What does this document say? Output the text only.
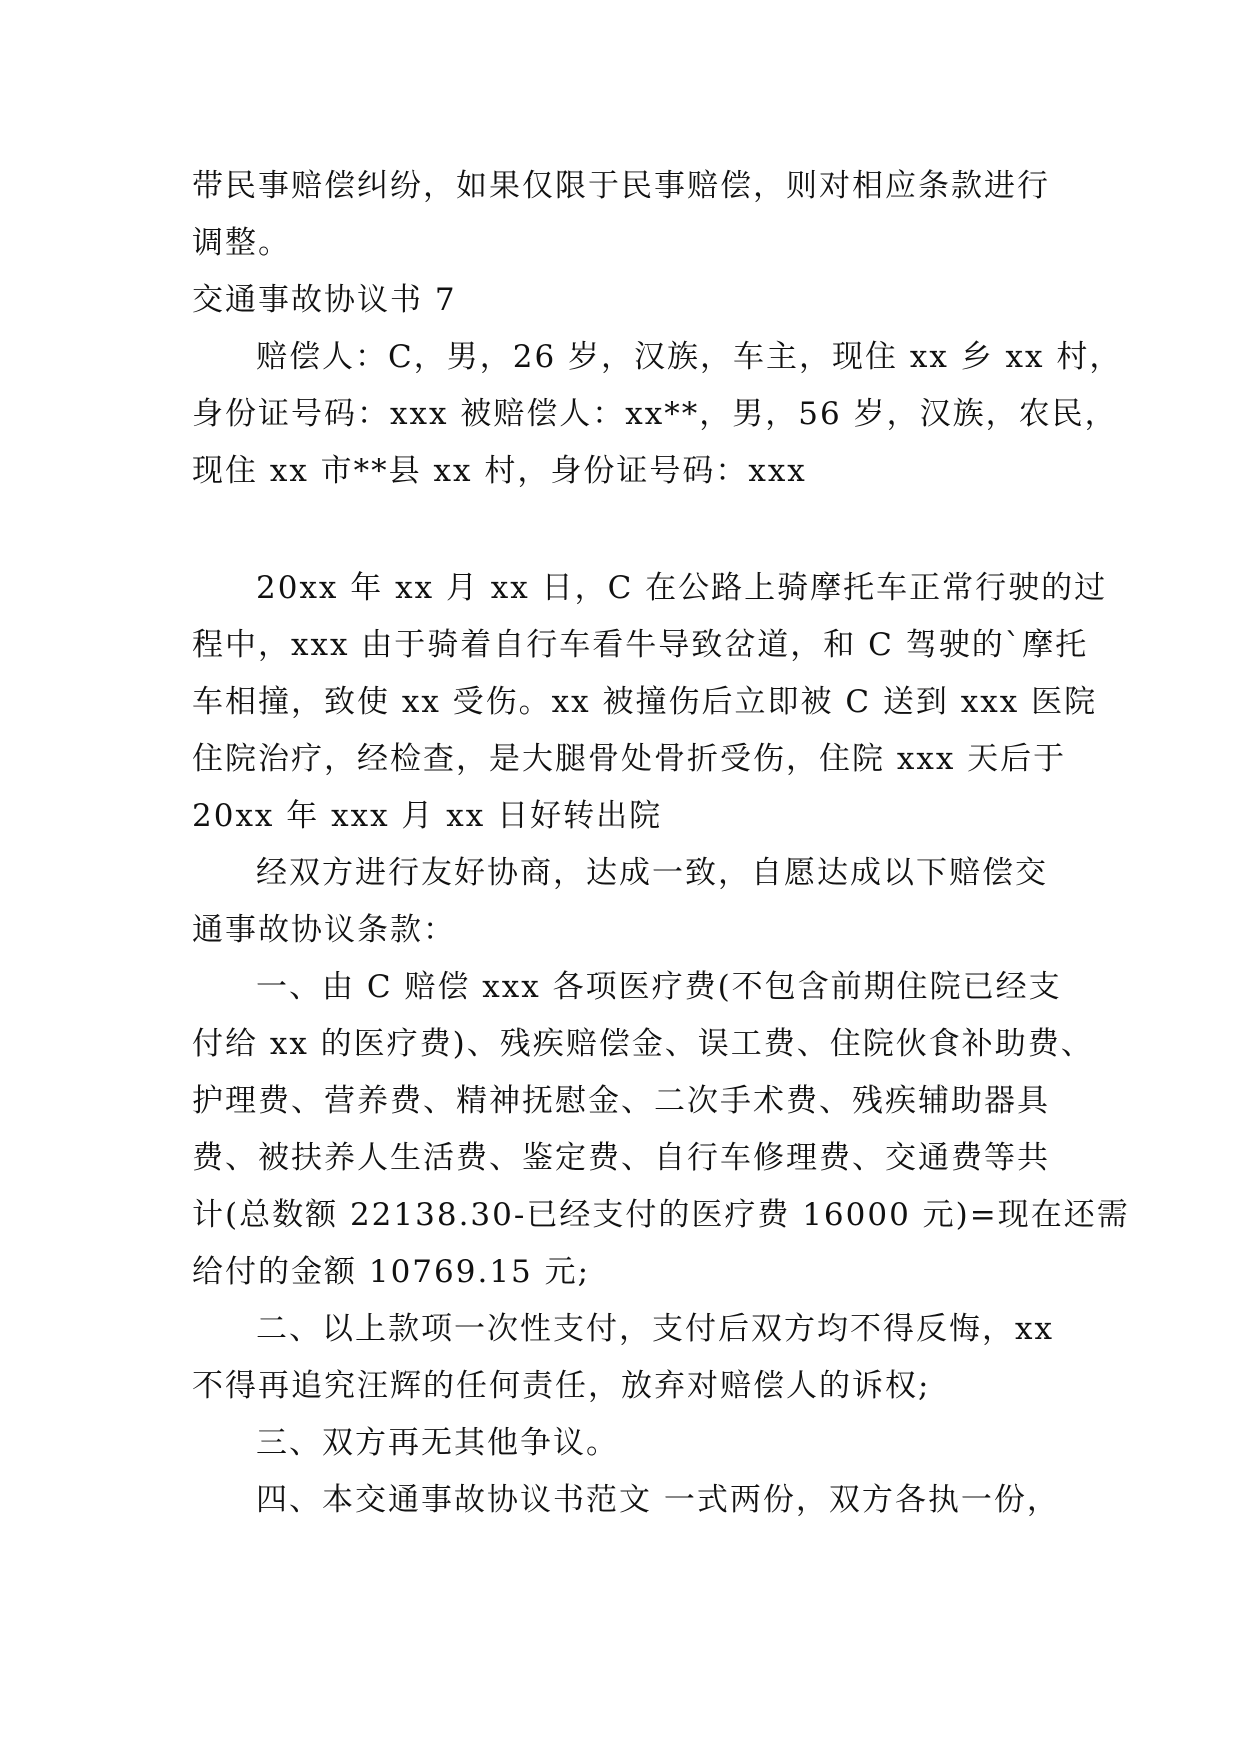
带民事赔偿纠纷，如果仅限于民事赔偿，则对相应条款进行
调整。
交通事故协议书 7
赔偿人：C，男，26 岁，汉族，车主，现住 xx 乡 xx 村，
身份证号码：xxx 被赔偿人：xx**，男，56 岁，汉族，农民，
现住 xx 市**县 xx 村，身份证号码：xxx
20xx 年 xx 月 xx 日，C 在公路上骑摩托车正常行驶的过
程中，xxx 由于骑着自行车看牛导致岔道，和 C 驾驶的`摩托
车相撞，致使 xx 受伤。xx 被撞伤后立即被 C 送到 xxx 医院
住院治疗，经检查，是大腿骨处骨折受伤，住院 xxx 天后于
20xx 年 xxx 月 xx 日好转出院
经双方进行友好协商，达成一致，自愿达成以下赔偿交
通事故协议条款：
一、由 C 赔偿 xxx 各项医疗费(不包含前期住院已经支
付给 xx 的医疗费)、残疾赔偿金、误工费、住院伙食补助费、
护理费、营养费、精神抚慰金、二次手术费、残疾辅助器具
费、被扶养人生活费、鉴定费、自行车修理费、交通费等共
计(总数额 22138.30-已经支付的医疗费 16000 元)=现在还需
给付的金额 10769.15 元;
二、以上款项一次性支付，支付后双方均不得反悔，xx
不得再追究汪辉的任何责任，放弃对赔偿人的诉权;
三、双方再无其他争议。
四、本交通事故协议书范文 一式两份，双方各执一份，
